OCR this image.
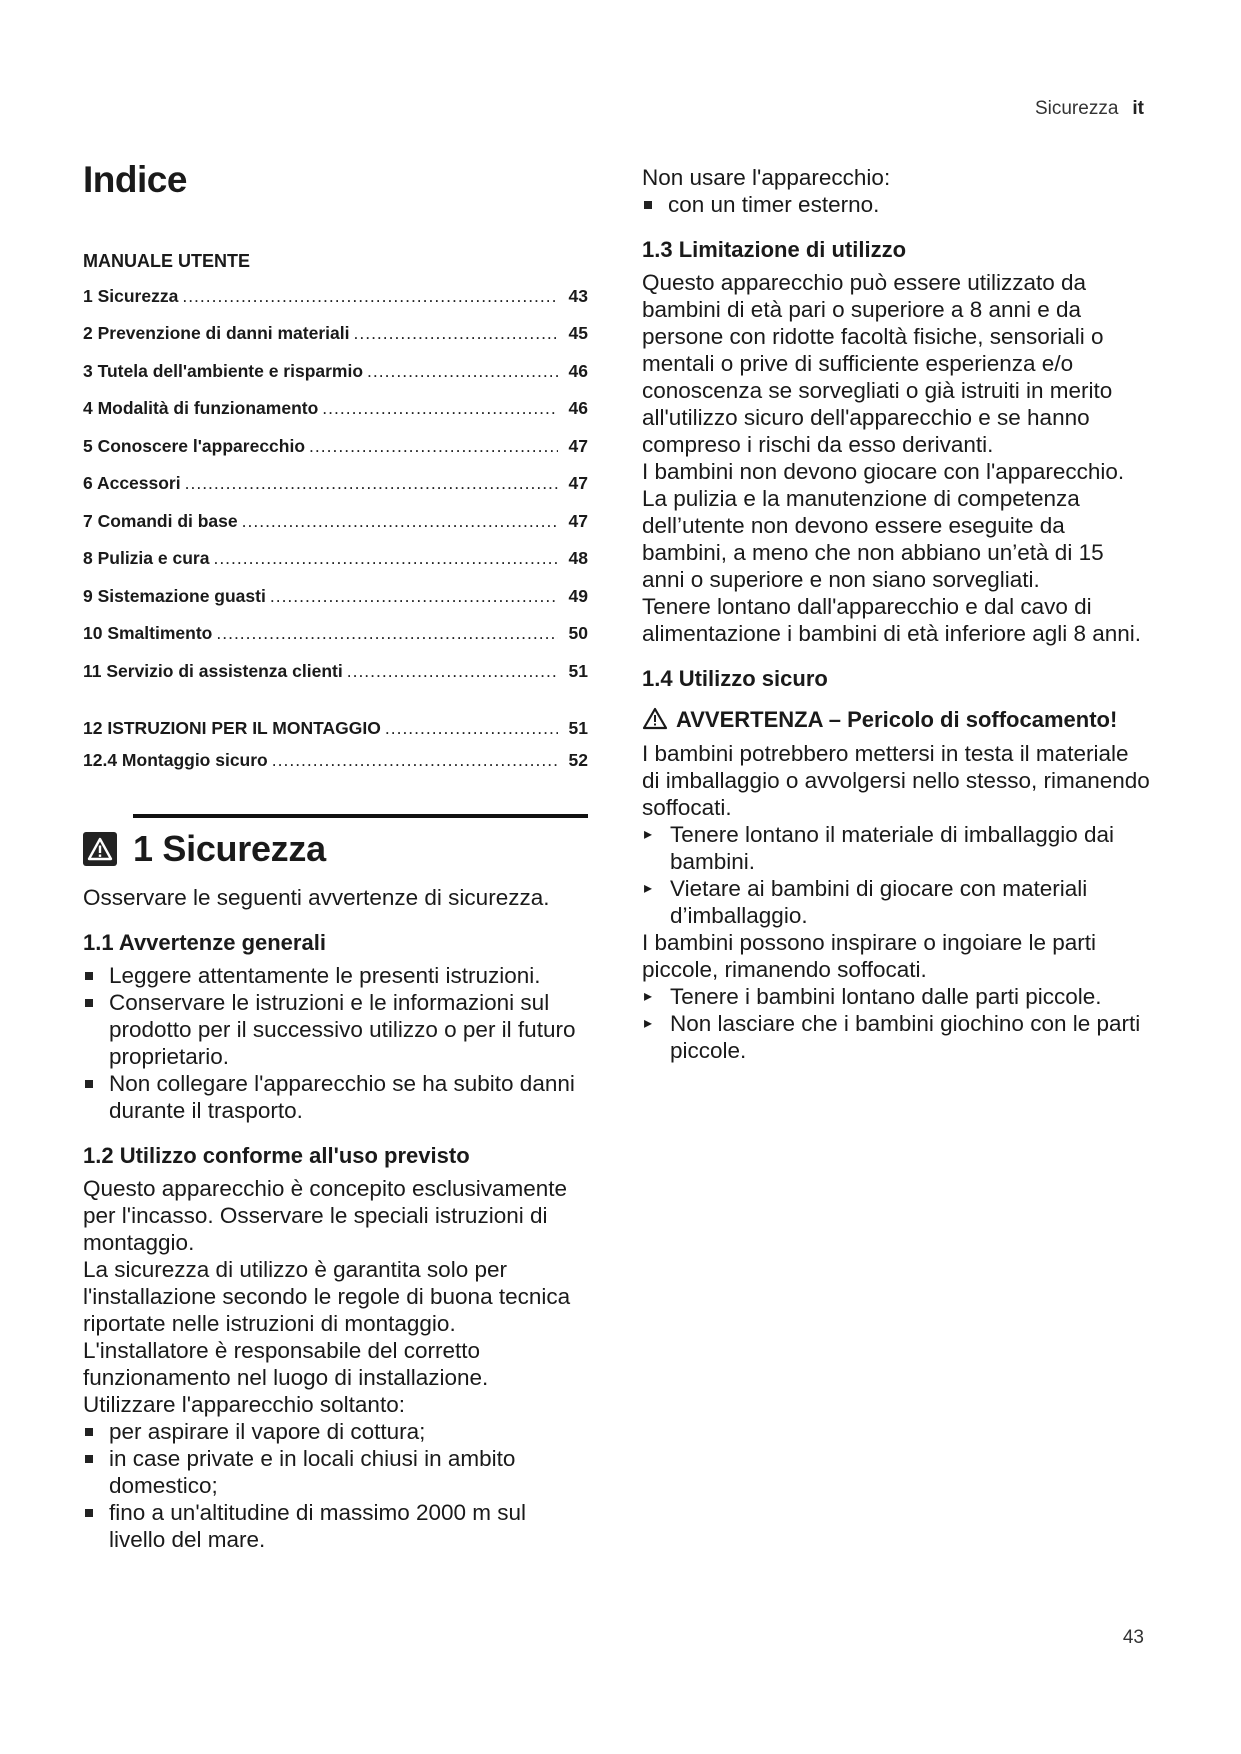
Sicurezza it
Indice
MANUALE UTENTE
1 Sicurezza .....	43
2 Prevenzione di danni materiali .....	45
3 Tutela dell'ambiente e risparmio .....	46
4 Modalità di funzionamento .....	46
5 Conoscere l'apparecchio .....	47
6 Accessori .....	47
7 Comandi di base .....	47
8 Pulizia e cura .....	48
9 Sistemazione guasti .....	49
10 Smaltimento .....	50
11 Servizio di assistenza clienti .....	51
12 ISTRUZIONI PER IL MONTAGGIO .....	51
12.4 Montaggio sicuro .....	52
1 Sicurezza

Osservare le seguenti avvertenze di sicurezza.

1.1 Avvertenze generali
Leggere attentamente le presenti istruzioni.
Conservare le istruzioni e le informazioni sul prodotto per il successivo utilizzo o per il futuro proprietario.
Non collegare l'apparecchio se ha subito danni durante il trasporto.
1.2 Utilizzo conforme all'uso previsto

Questo apparecchio è concepito esclusivamente per l'incasso. Osservare le speciali istruzioni di montaggio.

La sicurezza di utilizzo è garantita solo per l'installazione secondo le regole di buona tecnica riportate nelle istruzioni di montaggio.

L'installatore è responsabile del corretto funzionamento nel luogo di installazione.

Utilizzare l'apparecchio soltanto:

per aspirare il vapore di cottura;
in case private e in locali chiusi in ambito domestico;
fino a un'altitudine di massimo 2000 m sul livello del mare.

Non usare l'apparecchio:

con un timer esterno.
1.3 Limitazione di utilizzo

Questo apparecchio può essere utilizzato da bambini di età pari o superiore a 8 anni e da persone con ridotte facoltà fisiche, sensoriali o mentali o prive di sufficiente esperienza e/o conoscenza se sorvegliati o già istruiti in merito all'utilizzo sicuro dell'apparecchio e se hanno compreso i rischi da esso derivanti.

I bambini non devono giocare con l'apparecchio.

La pulizia e la manutenzione di competenza dell’utente non devono essere eseguite da bambini, a meno che non abbiano un’età di 15 anni o superiore e non siano sorvegliati.

Tenere lontano dall'apparecchio e dal cavo di alimentazione i bambini di età inferiore agli 8 anni.

1.4 Utilizzo sicuro
AVVERTENZA – Pericolo di soffocamento!

I bambini potrebbero mettersi in testa il materiale di imballaggio o avvolgersi nello stesso, rimanendo soffocati.

▸ Tenere lontano il materiale di imballaggio dai bambini.
▸ Vietare ai bambini di giocare con materiali d’imballaggio.

I bambini possono inspirare o ingoiare le parti piccole, rimanendo soffocati.

▸ Tenere i bambini lontano dalle parti piccole.
▸ Non lasciare che i bambini giochino con le parti piccole.
43
